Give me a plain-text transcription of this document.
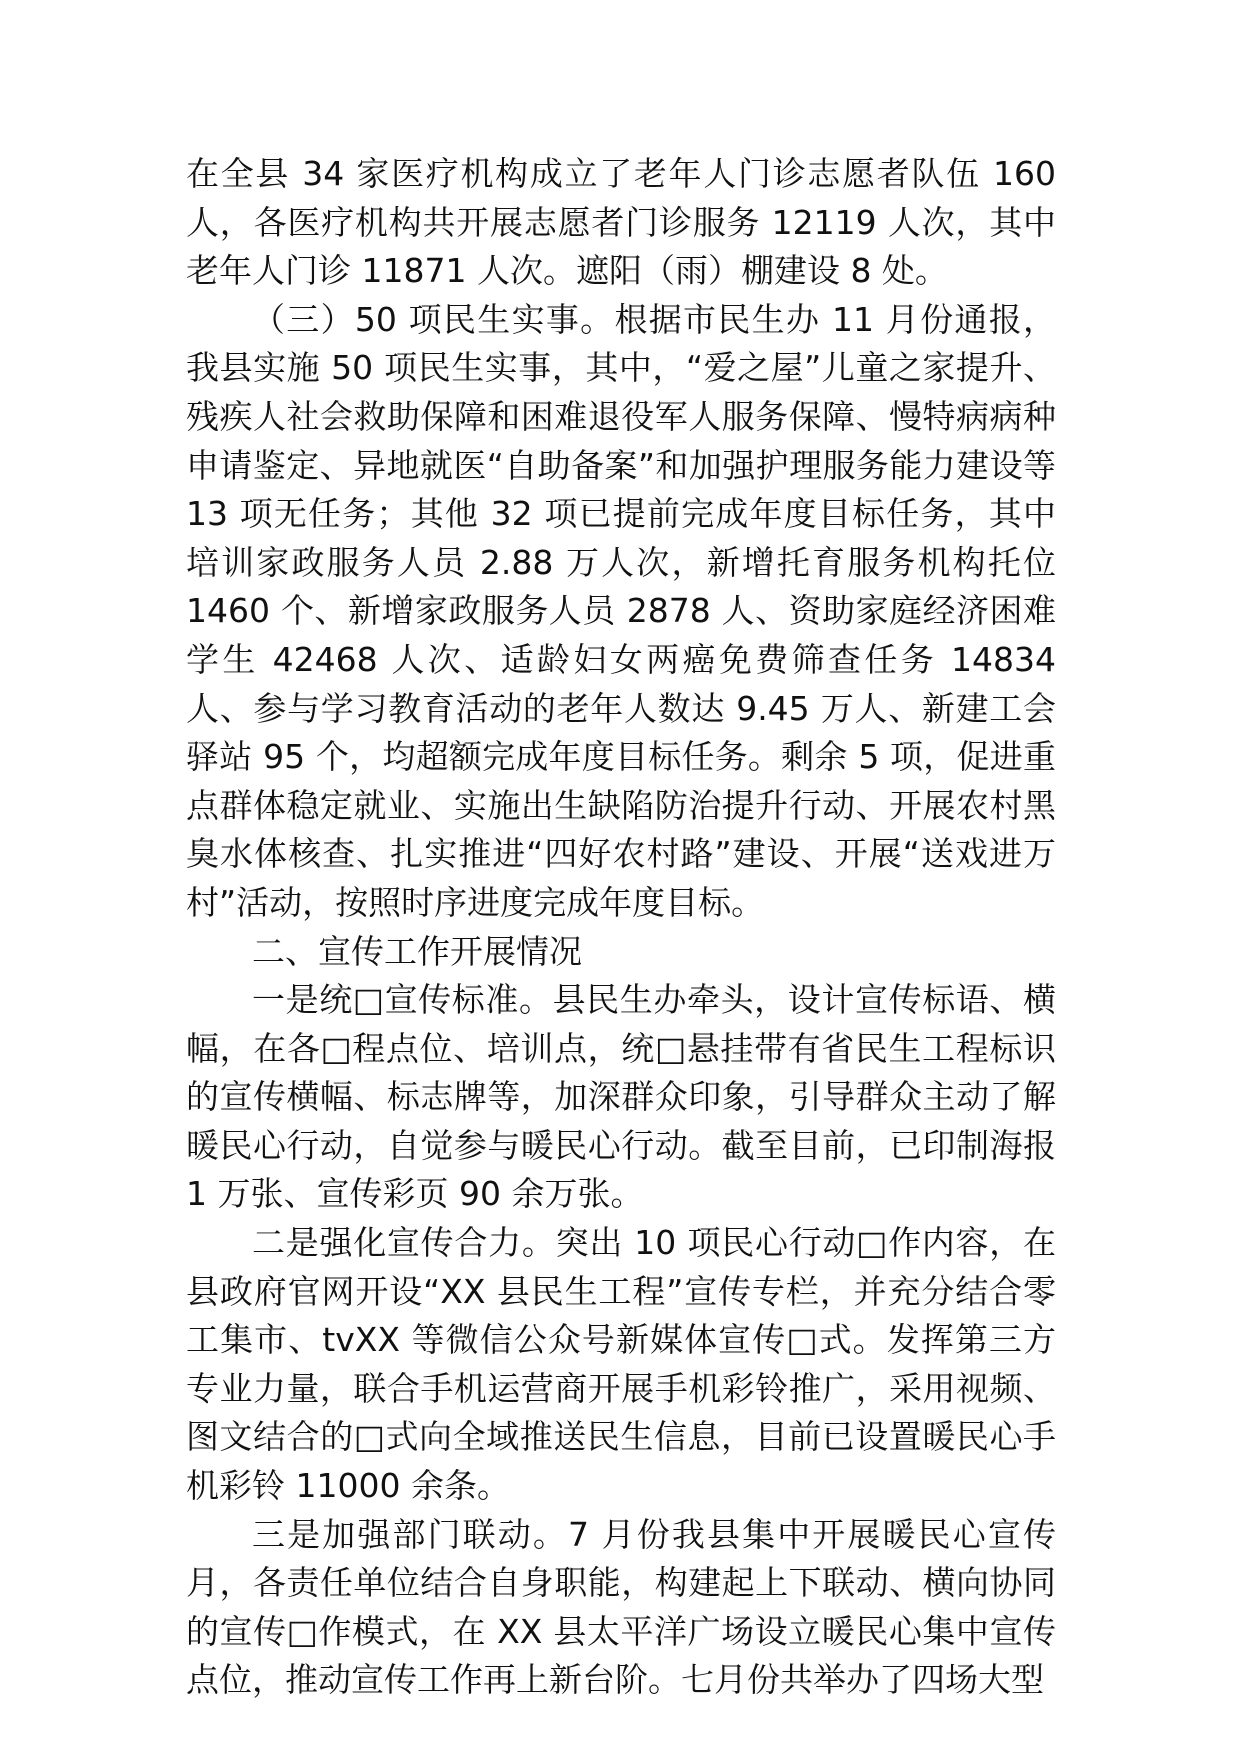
在全县 34 家医疗机构成立了老年人门诊志愿者队伍 160 人，各医疗机构共开展志愿者门诊服务 12119 人次，其中老年人门诊 11871 人次。遮阳（雨）棚建设 8 处。

（三）50 项民生实事。根据市民生办 11 月份通报，我县实施 50 项民生实事，其中，“爱之屋”儿童之家提升、残疾人社会救助保障和困难退役军人服务保障、慢特病病种申请鉴定、异地就医“自助备案”和加强护理服务能力建设等 13 项无任务；其他 32 项已提前完成年度目标任务，其中培训家政服务人员 2.88 万人次，新增托育服务机构托位 1460 个、新增家政服务人员 2878 人、资助家庭经济困难学生 42468 人次、适龄妇女两癌免费筛查任务 14834 人、参与学习教育活动的老年人数达 9.45 万人、新建工会驿站 95 个，均超额完成年度目标任务。剩余 5 项，促进重点群体稳定就业、实施出生缺陷防治提升行动、开展农村黑臭水体核查、扎实推进“四好农村路”建设、开展“送戏进万村”活动，按照时序进度完成年度目标。

二、宣传工作开展情况

一是统□宣传标准。县民生办牵头，设计宣传标语、横幅，在各□程点位、培训点，统□悬挂带有省民生工程标识的宣传横幅、标志牌等，加深群众印象，引导群众主动了解暖民心行动，自觉参与暖民心行动。截至目前，已印制海报 1 万张、宣传彩页 90 余万张。

二是强化宣传合力。突出 10 项民心行动□作内容，在县政府官网开设“XX 县民生工程”宣传专栏，并充分结合零工集市、tvXX 等微信公众号新媒体宣传□式。发挥第三方专业力量，联合手机运营商开展手机彩铃推广，采用视频、图文结合的□式向全域推送民生信息，目前已设置暖民心手机彩铃 11000 余条。

三是加强部门联动。7 月份我县集中开展暖民心宣传月，各责任单位结合自身职能，构建起上下联动、横向协同的宣传□作模式，在 XX 县太平洋广场设立暖民心集中宣传点位，推动宣传工作再上新台阶。七月份共举办了四场大型
